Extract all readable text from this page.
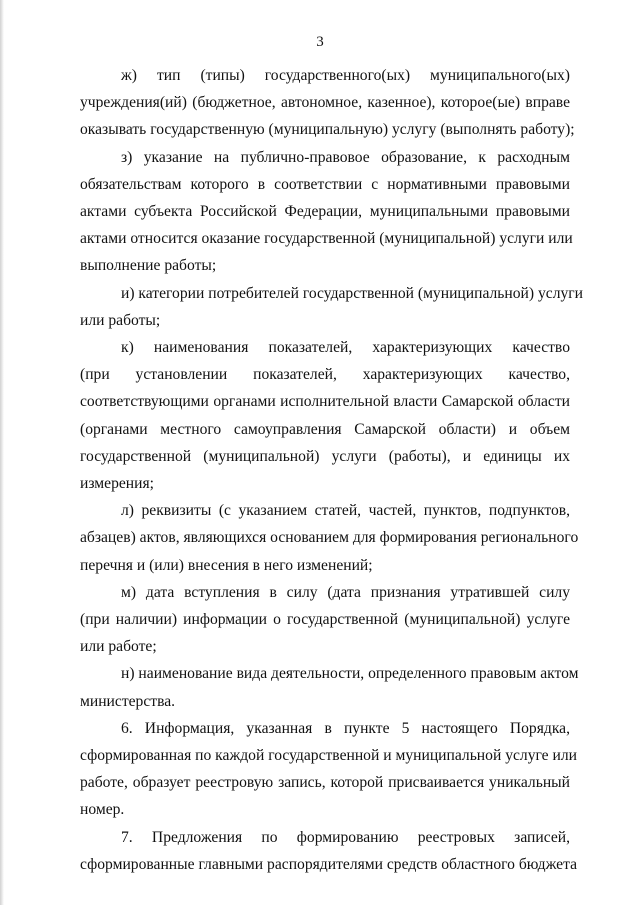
3
ж) тип (типы) государственного(ых) муниципального(ых)
учреждения(ий) (бюджетное, автономное, казенное), которое(ые) вправе
оказывать государственную (муниципальную) услугу (выполнять работу);
з) указание на публично-правовое образование, к расходным
обязательствам которого в соответствии с нормативными правовыми
актами субъекта Российской Федерации, муниципальными правовыми
актами относится оказание государственной (муниципальной) услуги или
выполнение работы;
и) категории потребителей государственной (муниципальной) услуги
или работы;
к) наименования показателей, характеризующих качество
(при установлении показателей, характеризующих качество,
соответствующими органами исполнительной власти Самарской области
(органами местного самоуправления Самарской области) и объем
государственной (муниципальной) услуги (работы), и единицы их
измерения;
л) реквизиты (с указанием статей, частей, пунктов, подпунктов,
абзацев) актов, являющихся основанием для формирования регионального
перечня и (или) внесения в него изменений;
м) дата вступления в силу (дата признания утратившей силу
(при наличии) информации о государственной (муниципальной) услуге
или работе;
н) наименование вида деятельности, определенного правовым актом
министерства.
6. Информация, указанная в пункте 5 настоящего Порядка,
сформированная по каждой государственной и муниципальной услуге или
работе, образует реестровую запись, которой присваивается уникальный
номер.
7. Предложения по формированию реестровых записей,
сформированные главными распорядителями средств областного бюджета
